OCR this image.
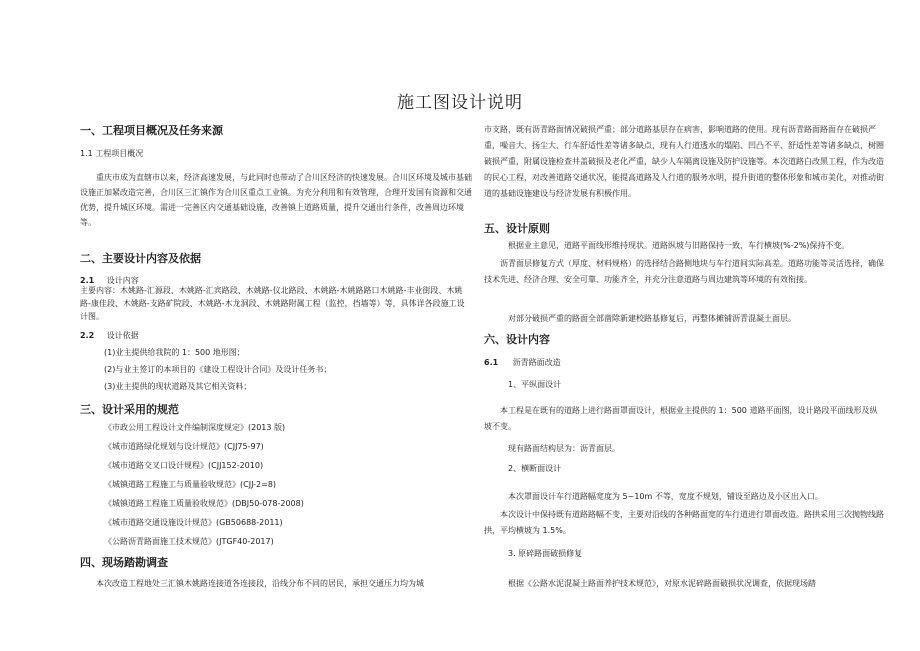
施工图设计说明
一、工程项目概况及任务来源
1.1 工程项目概况

重庆市成为直辖市以来，经济高速发展，与此同时也带动了合川区经济的快速发展。合川区环境及城市基础设施正加紧改造完善，合川区三汇镇作为合川区重点工业镇。为充分利用和有效管理，合理开发国有资源和交通优势，提升城区环境。需进一完善区内交通基础设施，改善镇上道路质量，提升交通出行条件，改善周边环境等。

二、主要设计内容及依据
2.1 设计内容

主要内容：木姚路-汇源段、木姚路-汇宾路段、木姚路-仪北路段、木姚路-木姚路路口木姚路-丰业街段、木姚路-康佳段、木姚路-支路矿院段、木姚路-木龙洞段、木姚路附属工程（监控，挡墙等）等，具体详各段施工设计图。

2.2 设计依据
(1)业主提供给我院的 1：500 地形图；
(2)与业主签订的本项目的《建设工程设计合同》及设计任务书；
(3)业主提供的现状道路及其它相关资料；
三、设计采用的规范
《市政公用工程设计文件编制深度规定》(2013 版)
《城市道路绿化规划与设计规范》(CJJ75-97)
《城市道路交叉口设计规程》(CJJ152-2010)
《城镇道路工程施工与质量验收规范》(CJJ-2=8)
《城镇道路工程施工质量验收规范》(DBJ50-078-2008)
《城市道路交通设施设计规范》(GB50688-2011)
《公路沥青路面施工技术规范》(JTGF40-2017)
四、现场踏勘调查
本次改造工程地处三汇镇木姚路连接道各连接段，沿线分布不同的居民，承担交通压力均为城

市支路，既有沥青路面情况破损严重；部分道路基层存在病害，影响道路的使用。现有沥青路面路面存在破损严重，噪音大、扬尘大、行车舒适性差等诸多缺点，现有人行道透水的塌陷、凹凸不平、舒适性差等诸多缺点，树圈破损严重，附属设施检查井盖破损及老化严重，缺少人车隔离设施及防护设施等。本次道路白改黑工程，作为改造的民心工程，对改善道路交通状况，能提高道路及人行道的服务水明，提升街道的整体形象和城市美化，对推动街道的基础设施建设与经济发展有积极作用。

五、设计原则
根据业主意见，道路平面线形维持现状。道路纵坡与旧路保持一致，车行横坡(%-2%)保持不变。

沥青面层修复方式（厚度、材料规格）的选择结合路侧地块与车行道间实际高差。道路功能等灵活选择，确保技术先进、经济合理、安全可靠、功能齐全，并充分注意道路与周边建筑等环境的有效衔接。

对部分破损严重的路面全部凿除新建校路基修复后，再整体摊铺沥青混凝土面层。
六、设计内容
6.1 沥青路面改造
1、平纵面设计

本工程是在既有的道路上进行路面罩面设计，根据业主提供的 1：500 道路平面图，设计路段平面线形及纵坡不变。

现有路面结构层为：沥青面层。
2、横断面设计
本次罩面设计车行道路幅宽度为 5~10m 不等，宽度不规划，铺设至路边及小区出入口。

本次设计中保持既有道路路幅不变，主要对沿线的各种路面宽的车行道进行罩面改造。路拱采用三次抛物线路拱，平均横坡为 1.5%。

3. 原碎路面破损修复
根据《公路水泥混凝土路面养护技术规范》，对原水泥碎路面破损状况调查，依据现场踏
